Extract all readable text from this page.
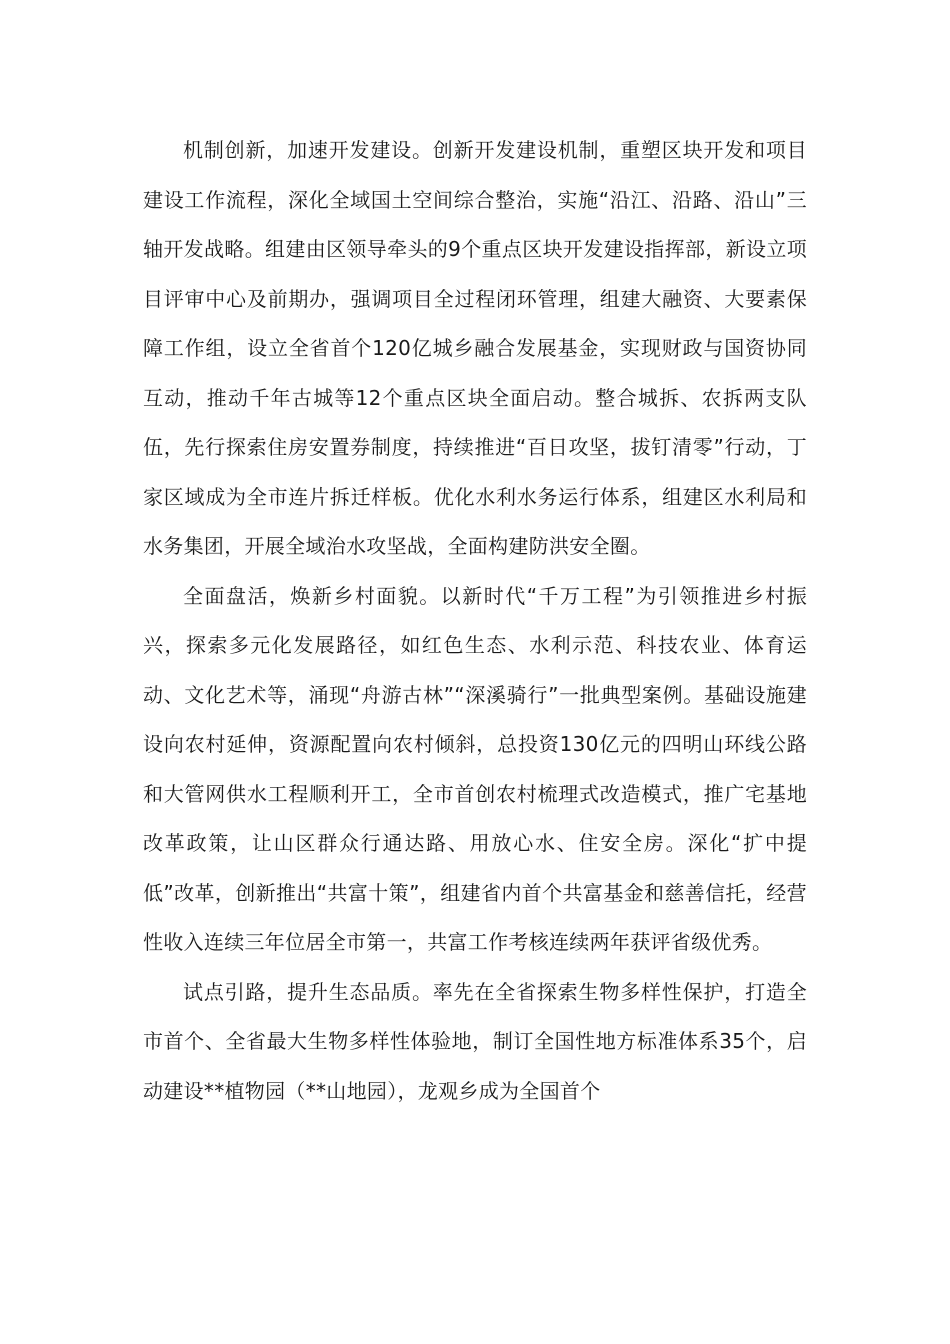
机制创新，加速开发建设。创新开发建设机制，重塑区块开发和项目建设工作流程，深化全域国土空间综合整治，实施“沿江、沿路、沿山”三轴开发战略。组建由区领导牵头的9个重点区块开发建设指挥部，新设立项目评审中心及前期办，强调项目全过程闭环管理，组建大融资、大要素保障工作组，设立全省首个120亿城乡融合发展基金，实现财政与国资协同互动，推动千年古城等12个重点区块全面启动。整合城拆、农拆两支队伍，先行探索住房安置券制度，持续推进“百日攻坚，拔钉清零”行动，丁家区域成为全市连片拆迁样板。优化水利水务运行体系，组建区水利局和水务集团，开展全域治水攻坚战，全面构建防洪安全圈。

全面盘活，焕新乡村面貌。以新时代“千万工程”为引领推进乡村振兴，探索多元化发展路径，如红色生态、水利示范、科技农业、体育运动、文化艺术等，涌现“舟游古林”“深溪骑行”一批典型案例。基础设施建设向农村延伸，资源配置向农村倾斜，总投资130亿元的四明山环线公路和大管网供水工程顺利开工，全市首创农村梳理式改造模式，推广宅基地改革政策，让山区群众行通达路、用放心水、住安全房。深化“扩中提低”改革，创新推出“共富十策”，组建省内首个共富基金和慈善信托，经营性收入连续三年位居全市第一，共富工作考核连续两年获评省级优秀。

试点引路，提升生态品质。率先在全省探索生物多样性保护，打造全市首个、全省最大生物多样性体验地，制订全国性地方标准体系35个，启动建设**植物园（**山地园），龙观乡成为全国首个
